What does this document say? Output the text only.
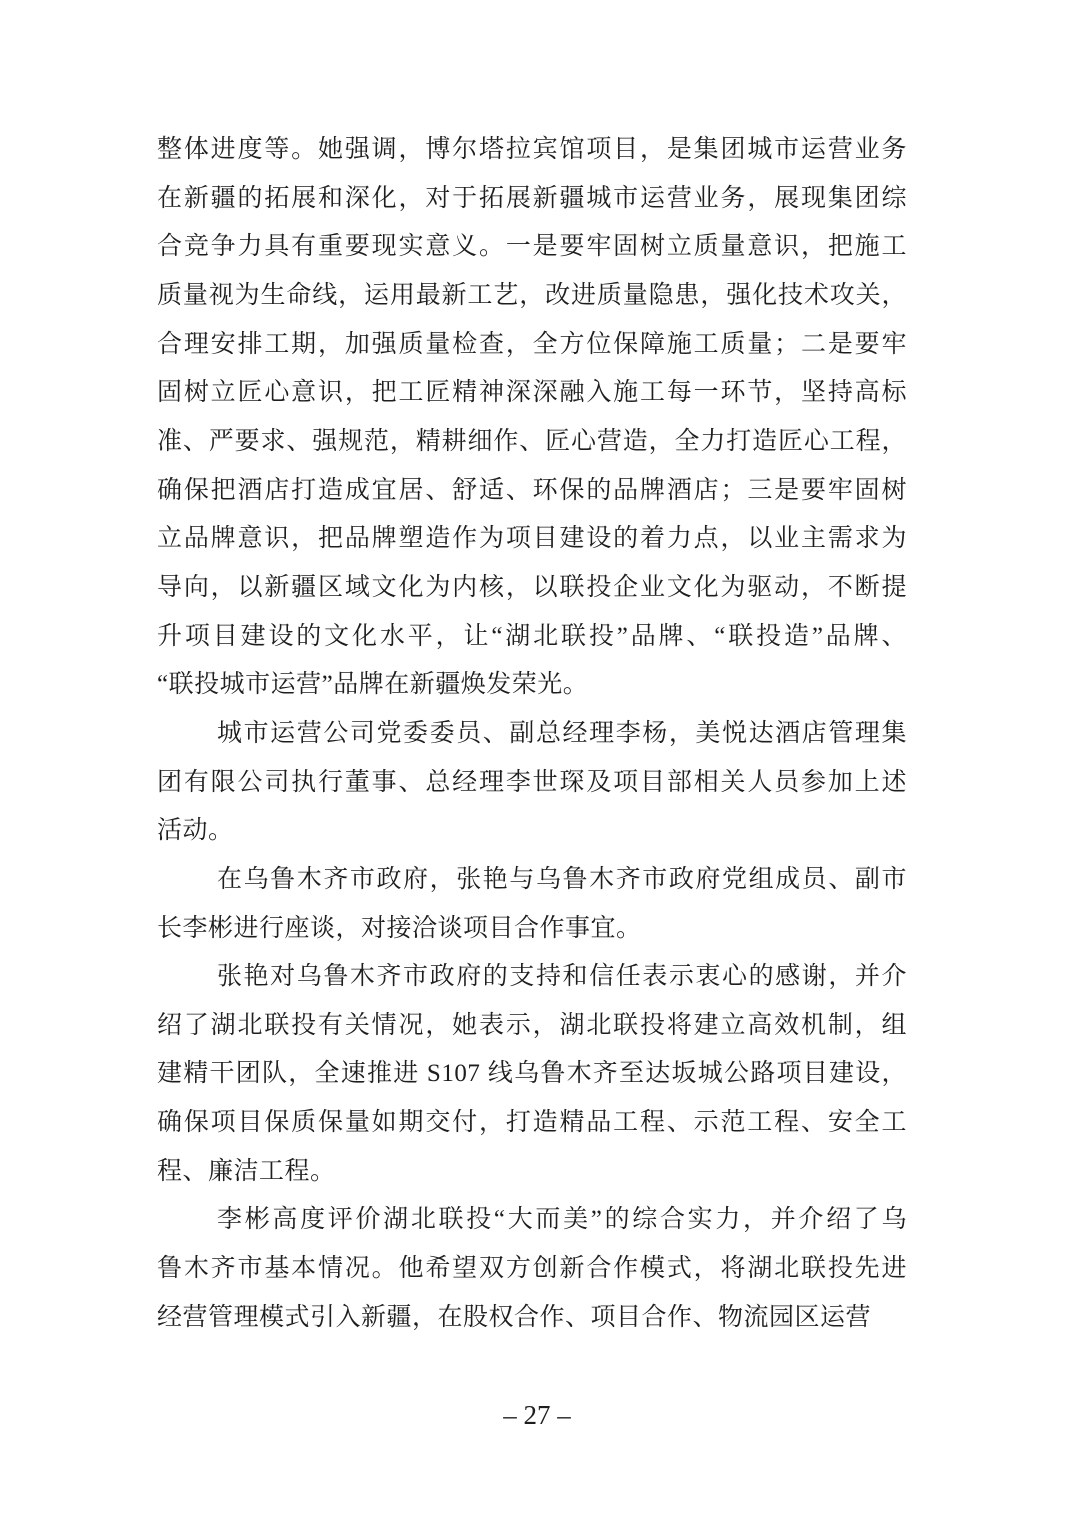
整体进度等。她强调，博尔塔拉宾馆项目，是集团城市运营业务
在新疆的拓展和深化，对于拓展新疆城市运营业务，展现集团综
合竞争力具有重要现实意义。一是要牢固树立质量意识，把施工
质量视为生命线，运用最新工艺，改进质量隐患，强化技术攻关，
合理安排工期，加强质量检查，全方位保障施工质量；二是要牢
固树立匠心意识，把工匠精神深深融入施工每一环节，坚持高标
准、严要求、强规范，精耕细作、匠心营造，全力打造匠心工程，
确保把酒店打造成宜居、舒适、环保的品牌酒店；三是要牢固树
立品牌意识，把品牌塑造作为项目建设的着力点，以业主需求为
导向，以新疆区域文化为内核，以联投企业文化为驱动，不断提
升项目建设的文化水平，让“湖北联投”品牌、“联投造”品牌、
“联投城市运营”品牌在新疆焕发荣光。
城市运营公司党委委员、副总经理李杨，美悦达酒店管理集
团有限公司执行董事、总经理李世琛及项目部相关人员参加上述
活动。
在乌鲁木齐市政府，张艳与乌鲁木齐市政府党组成员、副市
长李彬进行座谈，对接洽谈项目合作事宜。
张艳对乌鲁木齐市政府的支持和信任表示衷心的感谢，并介
绍了湖北联投有关情况，她表示，湖北联投将建立高效机制，组
建精干团队，全速推进 S107 线乌鲁木齐至达坂城公路项目建设，
确保项目保质保量如期交付，打造精品工程、示范工程、安全工
程、廉洁工程。
李彬高度评价湖北联投“大而美”的综合实力，并介绍了乌
鲁木齐市基本情况。他希望双方创新合作模式，将湖北联投先进
经营管理模式引入新疆，在股权合作、项目合作、物流园区运营
– 27 –
